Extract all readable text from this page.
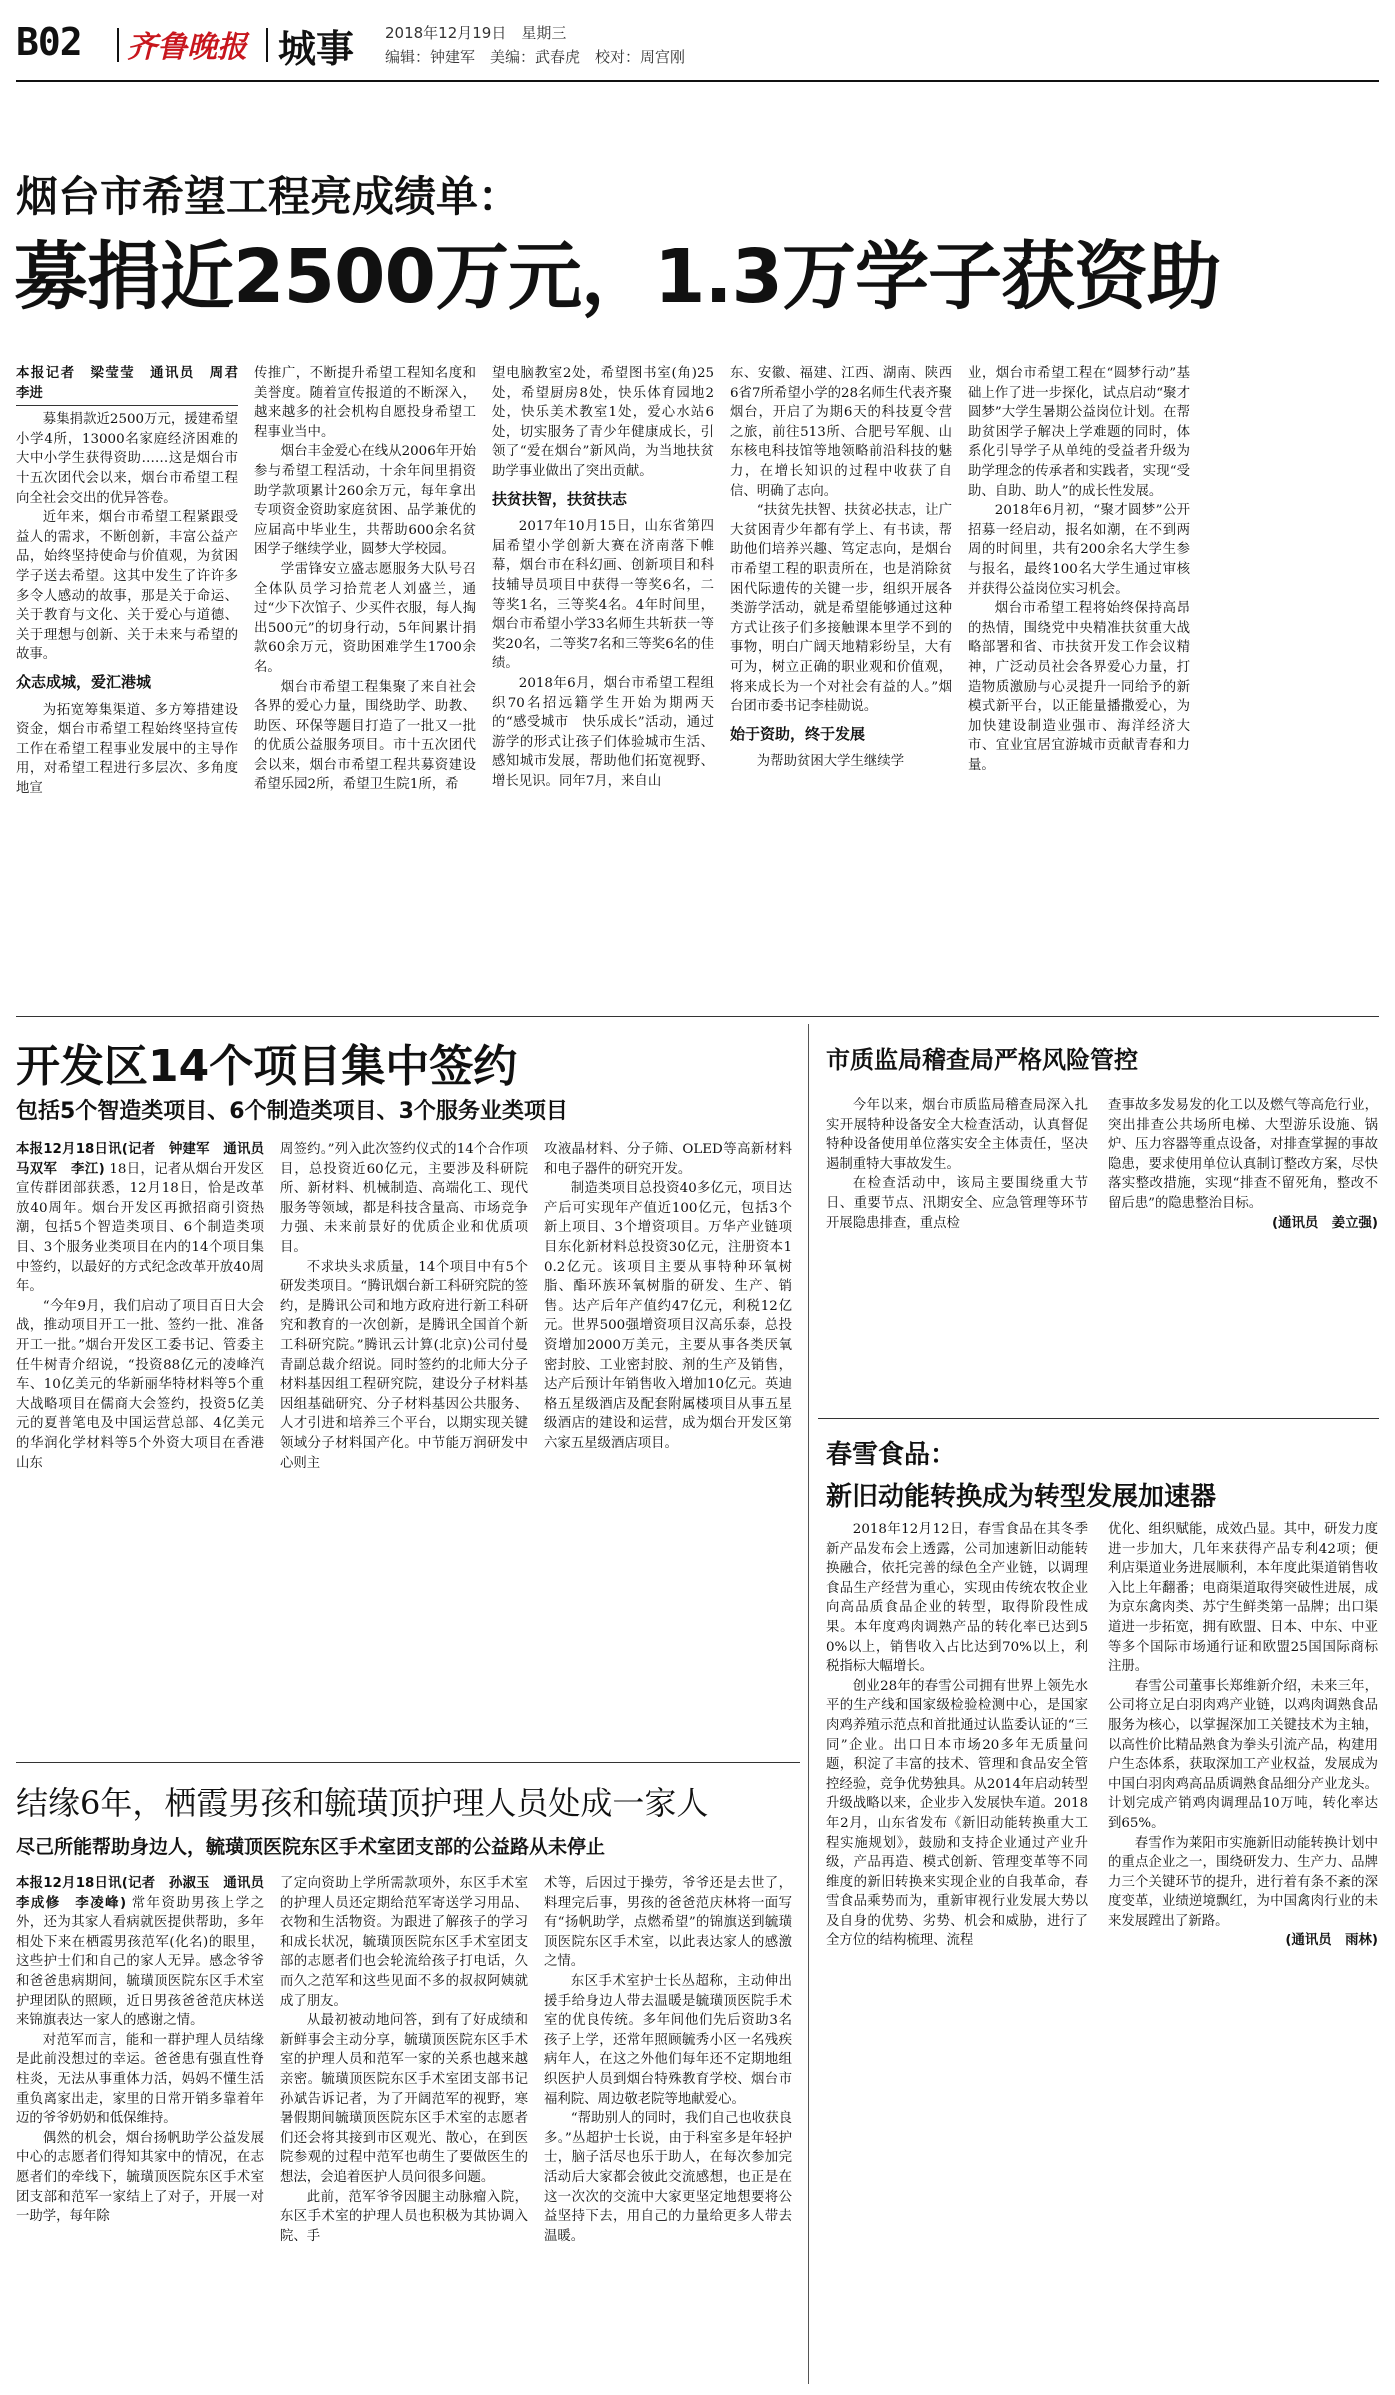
B02 齐鲁晚报 城事 2018年12月19日　星期三
编辑：钟建军　美编：武春虎　校对：周宫刚
烟台市希望工程亮成绩单：
募捐近2500万元，1.3万学子获资助
本报记者　梁莹莹　通讯员　周君　李进
募集捐款近2500万元，援建希望小学4所，13000名家庭经济困难的大中小学生获得资助……这是烟台市十五次团代会以来，烟台市希望工程向全社会交出的优异答卷。
近年来，烟台市希望工程紧跟受益人的需求，不断创新，丰富公益产品，始终坚持使命与价值观，为贫困学子送去希望。这其中发生了许许多多令人感动的故事，那是关于命运、关于教育与文化、关于爱心与道德、关于理想与创新、关于未来与希望的故事。
众志成城，爱汇港城
为拓宽筹集渠道、多方筹措建设资金，烟台市希望工程始终坚持宣传工作在希望工程事业发展中的主导作用，对希望工程进行多层次、多角度地宣
传推广，不断提升希望工程知名度和美誉度。随着宣传报道的不断深入，越来越多的社会机构自愿投身希望工程事业当中。
烟台丰金爱心在线从2006年开始参与希望工程活动，十余年间里捐资助学款项累计260余万元，每年拿出专项资金资助家庭贫困、品学兼优的应届高中毕业生，共帮助600余名贫困学子继续学业，圆梦大学校园。
学雷锋安立盛志愿服务大队号召全体队员学习拾荒老人刘盛兰，通过“少下次馆子、少买件衣服，每人掏出500元”的切身行动，5年间累计捐款60余万元，资助困难学生1700余名。
烟台市希望工程集聚了来自社会各界的爱心力量，围绕助学、助教、助医、环保等题目打造了一批又一批的优质公益服务项目。市十五次团代会以来，烟台市希望工程共募资建设希望乐园2所，希望卫生院1所，希
望电脑教室2处，希望图书室(角)25处，希望厨房8处，快乐体育园地2处，快乐美术教室1处，爱心水站6处，切实服务了青少年健康成长，引领了“爱在烟台”新风尚，为当地扶贫助学事业做出了突出贡献。
扶贫扶智，扶贫扶志
2017年10月15日，山东省第四届希望小学创新大赛在济南落下帷幕，烟台市在科幻画、创新项目和科技辅导员项目中获得一等奖6名，二等奖1名，三等奖4名。4年时间里，烟台市希望小学33名师生共斩获一等奖20名，二等奖7名和三等奖6名的佳绩。
2018年6月，烟台市希望工程组织70名招远籍学生开始为期两天的“感受城市　快乐成长”活动，通过游学的形式让孩子们体验城市生活、感知城市发展，帮助他们拓宽视野、增长见识。同年7月，来自山
东、安徽、福建、江西、湖南、陕西6省7所希望小学的28名师生代表齐聚烟台，开启了为期6天的科技夏令营之旅，前往513所、合肥号军舰、山东核电科技馆等地领略前沿科技的魅力，在增长知识的过程中收获了自信、明确了志向。
“扶贫先扶智、扶贫必扶志，让广大贫困青少年都有学上、有书读，帮助他们培养兴趣、笃定志向，是烟台市希望工程的职责所在，也是消除贫困代际遗传的关键一步，组织开展各类游学活动，就是希望能够通过这种方式让孩子们多接触课本里学不到的事物，明白广阔天地精彩纷呈，大有可为，树立正确的职业观和价值观，将来成长为一个对社会有益的人。”烟台团市委书记李桂勋说。
始于资助，终于发展
为帮助贫困大学生继续学
业，烟台市希望工程在“圆梦行动”基础上作了进一步探化，试点启动“聚才圆梦”大学生暑期公益岗位计划。在帮助贫困学子解决上学难题的同时，体系化引导学子从单纯的受益者升级为助学理念的传承者和实践者，实现“受助、自助、助人”的成长性发展。
2018年6月初，“聚才圆梦”公开招募一经启动，报名如潮，在不到两周的时间里，共有200余名大学生参与报名，最终100名大学生通过审核并获得公益岗位实习机会。
烟台市希望工程将始终保持高昂的热情，围绕党中央精准扶贫重大战略部署和省、市扶贫开发工作会议精神，广泛动员社会各界爱心力量，打造物质激励与心灵提升一同给予的新模式新平台，以正能量播撒爱心，为加快建设制造业强市、海洋经济大市、宜业宜居宜游城市贡献青春和力量。
开发区14个项目集中签约
包括5个智造类项目、6个制造类项目、3个服务业类项目
本报12月18日讯(记者　钟建军　通讯员　马双军　李江) 18日，记者从烟台开发区宣传群团部获悉，12月18日，恰是改革放40周年。烟台开发区再掀招商引资热潮，包括5个智造类项目、6个制造类项目、3个服务业类项目在内的14个项目集中签约，以最好的方式纪念改革开放40周年。
“今年9月，我们启动了项目百日大会战，推动项目开工一批、签约一批、准备开工一批。”烟台开发区工委书记、管委主任牛树青介绍说，“投资88亿元的凌峰汽车、10亿美元的华新丽华特材料等5个重大战略项目在儒商大会签约，投资5亿美元的夏普笔电及中国运营总部、4亿美元的华润化学材料等5个外资大项目在香港山东
周签约。”列入此次签约仪式的14个合作项目，总投资近60亿元，主要涉及科研院所、新材料、机械制造、高端化工、现代服务等领域，都是科技含量高、市场竞争力强、未来前景好的优质企业和优质项目。
不求块头求质量，14个项目中有5个研发类项目。“腾讯烟台新工科研究院的签约，是腾讯公司和地方政府进行新工科研究和教育的一次创新，是腾讯全国首个新工科研究院。”腾讯云计算(北京)公司付曼青副总裁介绍说。同时签约的北师大分子材料基因组工程研究院，建设分子材料基因组基础研究、分子材料基因公共服务、人才引进和培养三个平台，以期实现关键领域分子材料国产化。中节能万润研发中心则主
攻液晶材料、分子筛、OLED等高新材料和电子器件的研究开发。
制造类项目总投资40多亿元，项目达产后可实现年产值近100亿元，包括3个新上项目、3个增资项目。万华产业链项目东化新材料总投资30亿元，注册资本10.2亿元。该项目主要从事特种环氧树脂、酯环族环氧树脂的研发、生产、销售。达产后年产值约47亿元，利税12亿元。世界500强增资项目汉高乐泰，总投资增加2000万美元，主要从事各类厌氧密封胶、工业密封胶、剂的生产及销售，达产后预计年销售收入增加10亿元。英迪格五星级酒店及配套附属楼项目从事五星级酒店的建设和运营，成为烟台开发区第六家五星级酒店项目。
市质监局稽查局严格风险管控
今年以来，烟台市质监局稽查局深入扎实开展特种设备安全大检查活动，认真督促特种设备使用单位落实安全主体责任，坚决遏制重特大事故发生。
在检查活动中，该局主要围绕重大节日、重要节点、汛期安全、应急管理等环节开展隐患排查，重点检
查事故多发易发的化工以及燃气等高危行业，突出排查公共场所电梯、大型游乐设施、锅炉、压力容器等重点设备，对排查掌握的事故隐患，要求使用单位认真制订整改方案，尽快落实整改措施，实现“排查不留死角，整改不留后患”的隐患整治目标。
(通讯员　姜立强)
春雪食品：
新旧动能转换成为转型发展加速器
2018年12月12日，春雪食品在其冬季新产品发布会上透露，公司加速新旧动能转换融合，依托完善的绿色全产业链，以调理食品生产经营为重心，实现由传统农牧企业向高品质食品企业的转型，取得阶段性成果。本年度鸡肉调熟产品的转化率已达到50%以上，销售收入占比达到70%以上，利税指标大幅增长。
创业28年的春雪公司拥有世界上领先水平的生产线和国家级检验检测中心，是国家肉鸡养殖示范点和首批通过认监委认证的“三同”企业。出口日本市场20多年无质量问题，积淀了丰富的技术、管理和食品安全管控经验，竞争优势独具。从2014年启动转型升级战略以来，企业步入发展快车道。2018年2月，山东省发布《新旧动能转换重大工程实施规划》，鼓励和支持企业通过产业升级，产品再造、模式创新、管理变革等不同维度的新旧转换来实现企业的自我革命，春雪食品乘势而为，重新审视行业发展大势以及自身的优势、劣势、机会和威胁，进行了全方位的结构梳理、流程
优化、组织赋能，成效凸显。其中，研发力度进一步加大，几年来获得产品专利42项；便利店渠道业务进展顺利，本年度此渠道销售收入比上年翻番；电商渠道取得突破性进展，成为京东禽肉类、苏宁生鲜类第一品牌；出口渠道进一步拓宽，拥有欧盟、日本、中东、中亚等多个国际市场通行证和欧盟25国国际商标注册。
春雪公司董事长郑维新介绍，未来三年，公司将立足白羽肉鸡产业链，以鸡肉调熟食品服务为核心，以掌握深加工关键技术为主轴，以高性价比精品熟食为拳头引流产品，构建用户生态体系，获取深加工产业权益，发展成为中国白羽肉鸡高品质调熟食品细分产业龙头。计划完成产销鸡肉调理品10万吨，转化率达到65%。
春雪作为莱阳市实施新旧动能转换计划中的重点企业之一，围绕研发力、生产力、品牌力三个关键环节的提升，进行着有条不紊的深度变革，业绩逆境飘红，为中国禽肉行业的未来发展蹚出了新路。
(通讯员　雨林)
结缘6年，栖霞男孩和毓璜顶护理人员处成一家人
尽己所能帮助身边人，毓璜顶医院东区手术室团支部的公益路从未停止
本报12月18日讯(记者　孙淑玉　通讯员　李成修　李凌峰) 常年资助男孩上学之外，还为其家人看病就医提供帮助，多年相处下来在栖霞男孩范军(化名)的眼里，这些护士们和自己的家人无异。感念爷爷和爸爸患病期间，毓璜顶医院东区手术室护理团队的照顾，近日男孩爸爸范庆林送来锦旗表达一家人的感谢之情。
对范军而言，能和一群护理人员结缘是此前没想过的幸运。爸爸患有强直性脊柱炎，无法从事重体力活，妈妈不懂生活重负离家出走，家里的日常开销多靠着年迈的爷爷奶奶和低保维持。
偶然的机会，烟台扬帆助学公益发展中心的志愿者们得知其家中的情况，在志愿者们的牵线下，毓璜顶医院东区手术室团支部和范军一家结上了对子，开展一对一助学，每年除
了定向资助上学所需款项外，东区手术室的护理人员还定期给范军寄送学习用品、衣物和生活物资。为跟进了解孩子的学习和成长状况，毓璜顶医院东区手术室团支部的志愿者们也会轮流给孩子打电话，久而久之范军和这些见面不多的叔叔阿姨就成了朋友。
从最初被动地问答，到有了好成绩和新鲜事会主动分享，毓璜顶医院东区手术室的护理人员和范军一家的关系也越来越亲密。毓璜顶医院东区手术室团支部书记孙斌告诉记者，为了开阔范军的视野，寒暑假期间毓璜顶医院东区手术室的志愿者们还会将其接到市区观光、散心，在到医院参观的过程中范军也萌生了要做医生的想法，会追着医护人员问很多问题。
此前，范军爷爷因腿主动脉瘤入院，东区手术室的护理人员也积极为其协调入院、手
术等，后因过于操劳，爷爷还是去世了，料理完后事，男孩的爸爸范庆林将一面写有“扬帆助学，点燃希望”的锦旗送到毓璜顶医院东区手术室，以此表达家人的感激之情。
东区手术室护士长丛超称，主动伸出援手给身边人带去温暖是毓璜顶医院手术室的优良传统。多年间他们先后资助3名孩子上学，还常年照顾毓秀小区一名残疾病年人，在这之外他们每年还不定期地组织医护人员到烟台特殊教育学校、烟台市福利院、周边敬老院等地献爱心。
“帮助别人的同时，我们自己也收获良多。”丛超护士长说，由于科室多是年轻护士，脑子活尽也乐于助人，在每次参加完活动后大家都会彼此交流感想，也正是在这一次次的交流中大家更坚定地想要将公益坚持下去，用自己的力量给更多人带去温暖。
